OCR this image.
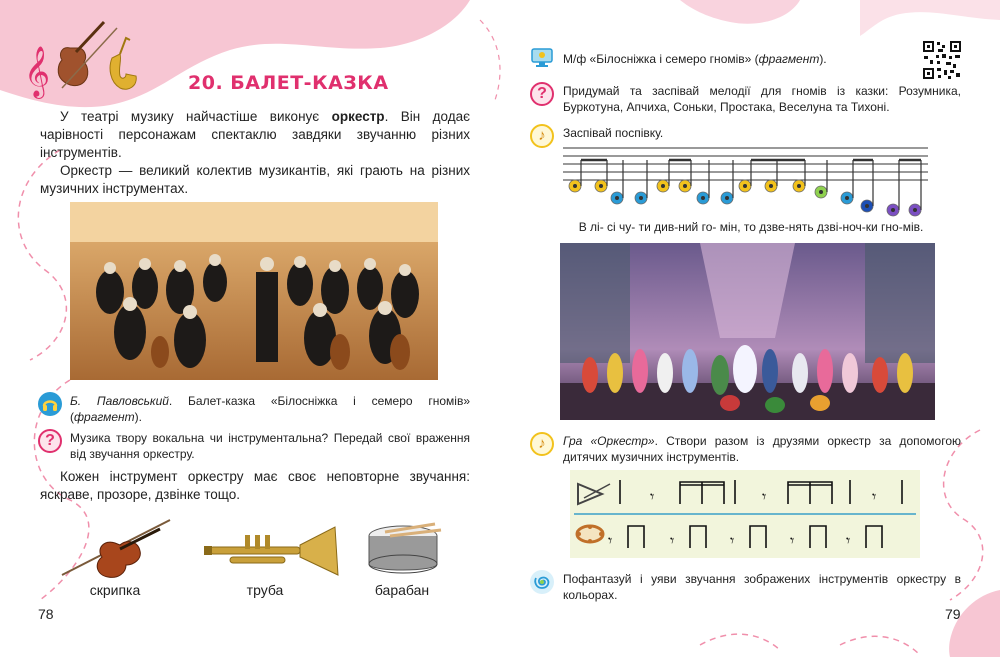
𝄞	20. БАЛЕТ-КАЗКА
У театрі музику найчастіше виконує оркестр. Він додає чарівності персонажам спектаклю завдяки звучанню різних інструментів.
Оркестр — великий колектив музикантів, які грають на різних музичних інструментах.
Б. Павловський. Балет-казка «Білосніжка і семеро гномів» (фрагмент).
?	Музика твору вокальна чи інструментальна? Передай свої враження від звучання оркестру.
Кожен інструмент оркестру має своє неповторне звучання: яскраве, прозоре, дзвінке тощо.
скрипка	труба	барабан
78
М/ф «Білосніжка і семеро гномів» (фрагмент).
?	Придумай та заспівай мелодії для гномів із казки: Розумника, Буркотуна, Апчиха, Соньки, Простака, Веселуна та Тихоні.
♪	Заспівай поспівку.
В лі- сі чу- ти див-ний го- мін, то дзве-нять дзві-ноч-ки гно-мів.
♪	Гра «Оркестр». Створи разом із друзями оркестр за допомогою дитячих музичних інструментів.
𝄾	𝄾	𝄾
𝄾	𝄾	𝄾	𝄾	𝄾
Пофантазуй і уяви звучання зображених інструментів оркестру в кольорах.
79
